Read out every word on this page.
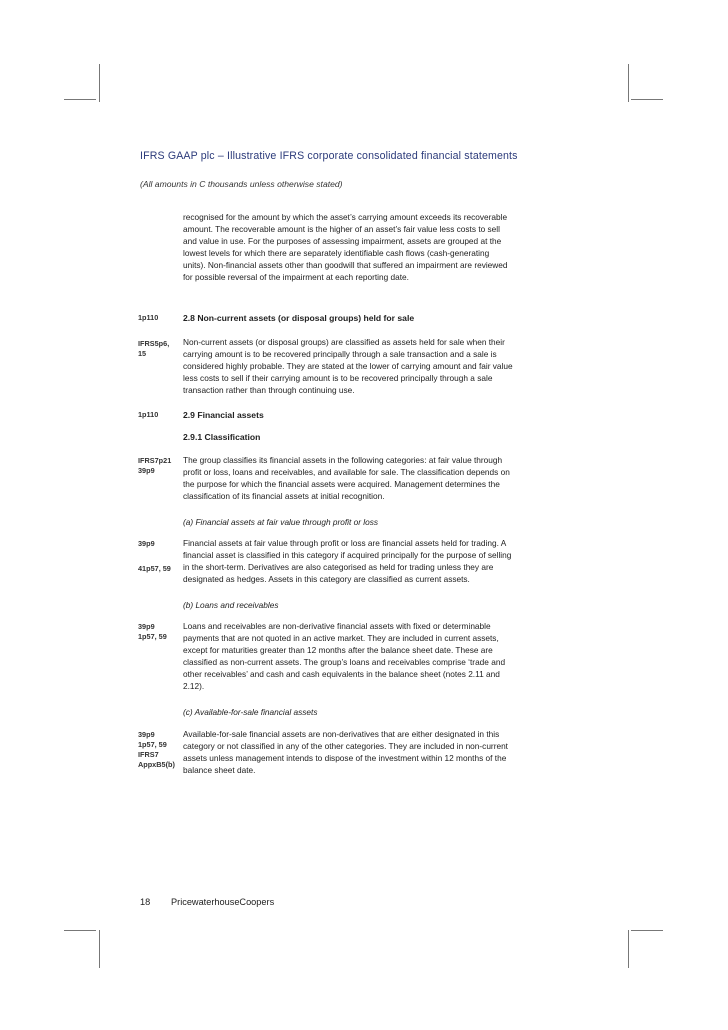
IFRS GAAP plc – Illustrative IFRS corporate consolidated financial statements
(All amounts in C thousands unless otherwise stated)
recognised for the amount by which the asset’s carrying amount exceeds its recoverable
amount. The recoverable amount is the higher of an asset’s fair value less costs to sell
and value in use. For the purposes of assessing impairment, assets are grouped at the
lowest levels for which there are separately identifiable cash flows (cash-generating
units). Non-financial assets other than goodwill that suffered an impairment are reviewed
for possible reversal of the impairment at each reporting date.
1p110	2.8 Non-current assets (or disposal groups) held for sale
IFRS5p6,
15
Non-current assets (or disposal groups) are classified as assets held for sale when their
carrying amount is to be recovered principally through a sale transaction and a sale is
considered highly probable. They are stated at the lower of carrying amount and fair value
less costs to sell if their carrying amount is to be recovered principally through a sale
transaction rather than through continuing use.
1p110	2.9 Financial assets
2.9.1 Classification
IFRS7p21
39p9
The group classifies its financial assets in the following categories: at fair value through
profit or loss, loans and receivables, and available for sale. The classification depends on
the purpose for which the financial assets were acquired. Management determines the
classification of its financial assets at initial recognition.
(a) Financial assets at fair value through profit or loss
39p9
41p57, 59
Financial assets at fair value through profit or loss are financial assets held for trading. A
financial asset is classified in this category if acquired principally for the purpose of selling
in the short-term. Derivatives are also categorised as held for trading unless they are
designated as hedges. Assets in this category are classified as current assets.
(b) Loans and receivables
39p9
1p57, 59
Loans and receivables are non-derivative financial assets with fixed or determinable
payments that are not quoted in an active market. They are included in current assets,
except for maturities greater than 12 months after the balance sheet date. These are
classified as non-current assets. The group’s loans and receivables comprise ‘trade and
other receivables’ and cash and cash equivalents in the balance sheet (notes 2.11 and
2.12).
(c) Available-for-sale financial assets
39p9
1p57, 59
IFRS7
AppxB5(b)
Available-for-sale financial assets are non-derivatives that are either designated in this
category or not classified in any of the other categories. They are included in non-current
assets unless management intends to dispose of the investment within 12 months of the
balance sheet date.
18 PricewaterhouseCoopers
